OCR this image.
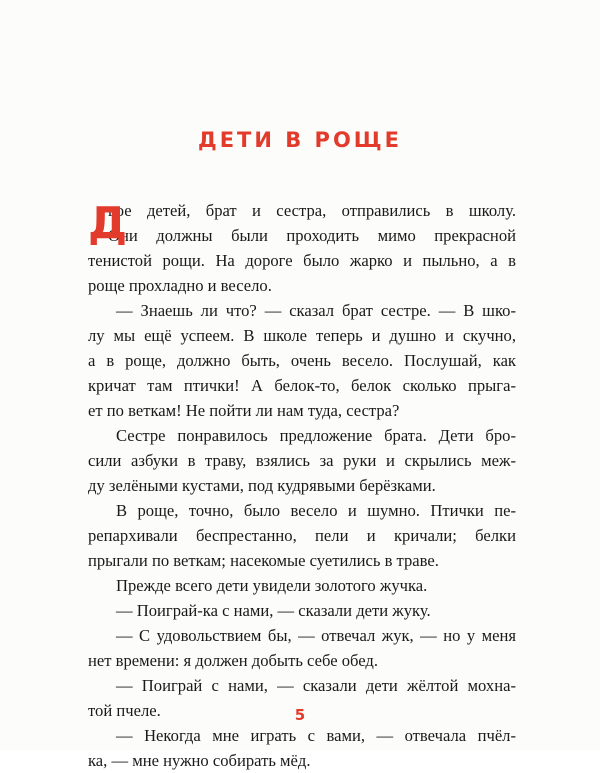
ДЕТИ В РОЩЕ
Д
вое детей, брат и сестра, отправились в школу.
Они должны были проходить мимо прекрасной
тенистой рощи. На дороге было жарко и пыльно, а в
роще прохладно и весело.
— Знаешь ли что? — сказал брат сестре. — В шко-
лу мы ещё успеем. В школе теперь и душно и скучно,
а в роще, должно быть, очень весело. Послушай, как
кричат там птички! А белок-то, белок сколько прыга-
ет по веткам! Не пойти ли нам туда, сестра?
Сестре понравилось предложение брата. Дети бро-
сили азбуки в траву, взялись за руки и скрылись меж-
ду зелёными кустами, под кудрявыми берёзками.
В роще, точно, было весело и шумно. Птички пе-
репархивали беспрестанно, пели и кричали; белки
прыгали по веткам; насекомые суетились в траве.
Прежде всего дети увидели золотого жучка.
— Поиграй-ка с нами, — сказали дети жуку.
— С удовольствием бы, — отвечал жук, — но у меня
нет времени: я должен добыть себе обед.
— Поиграй с нами, — сказали дети жёлтой мохна-
той пчеле.
— Некогда мне играть с вами, — отвечала пчёл-
ка, — мне нужно собирать мёд.
5
